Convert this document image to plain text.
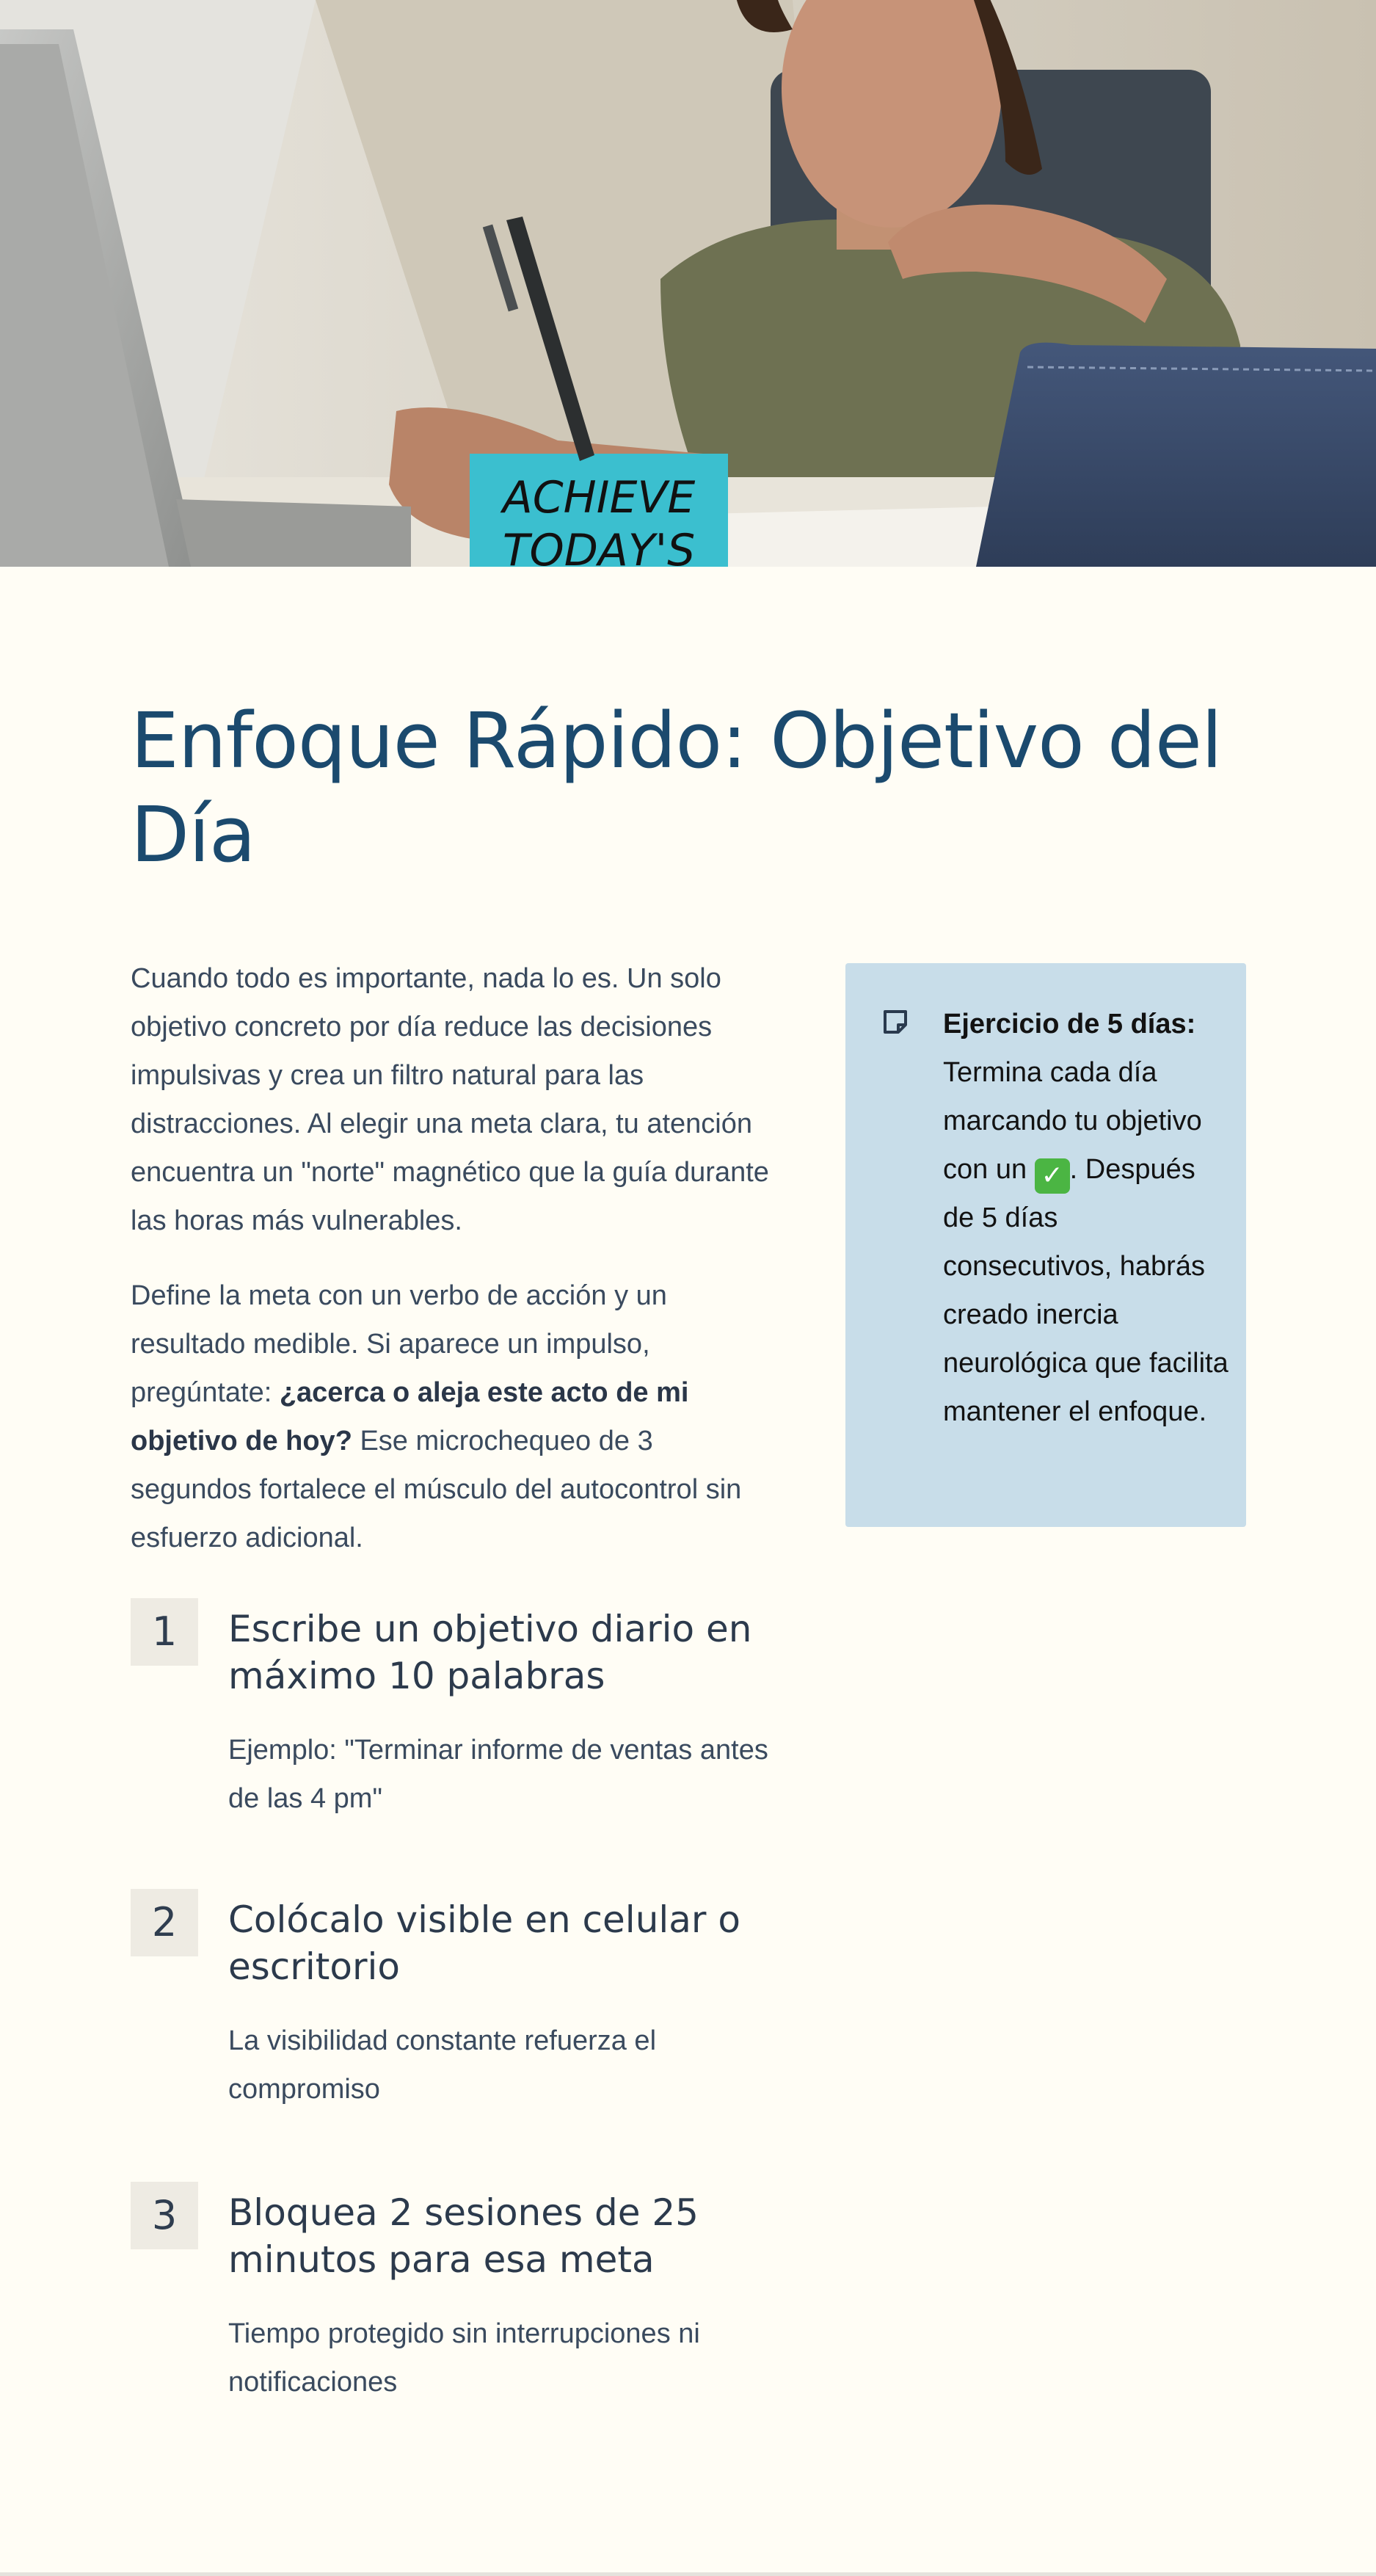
ACHIEVE
TODAY'S
Enfoque Rápido: Objetivo del Día

Cuando todo es importante, nada lo es. Un solo objetivo concreto por día reduce las decisiones impulsivas y crea un filtro natural para las distracciones. Al elegir una meta clara, tu atención encuentra un "norte" magnético que la guía durante las horas más vulnerables.

Define la meta con un verbo de acción y un resultado medible. Si aparece un impulso, pregúntate: ¿acerca o aleja este acto de mi objetivo de hoy? Ese microchequeo de 3 segundos fortalece el músculo del autocontrol sin esfuerzo adicional.

Ejercicio de 5 días: Termina cada día marcando tu objetivo con un ✓ . Después de 5 días consecutivos, habrás creado inercia neurológica que facilita mantener el enfoque.

1	Escribe un objetivo diario en máximo 10 palabras

Ejemplo: "Terminar informe de ventas antes de las 4 pm"

2	Colócalo visible en celular o escritorio

La visibilidad constante refuerza el compromiso

3	Bloquea 2 sesiones de 25 minutos para esa meta

Tiempo protegido sin interrupciones ni notificaciones
